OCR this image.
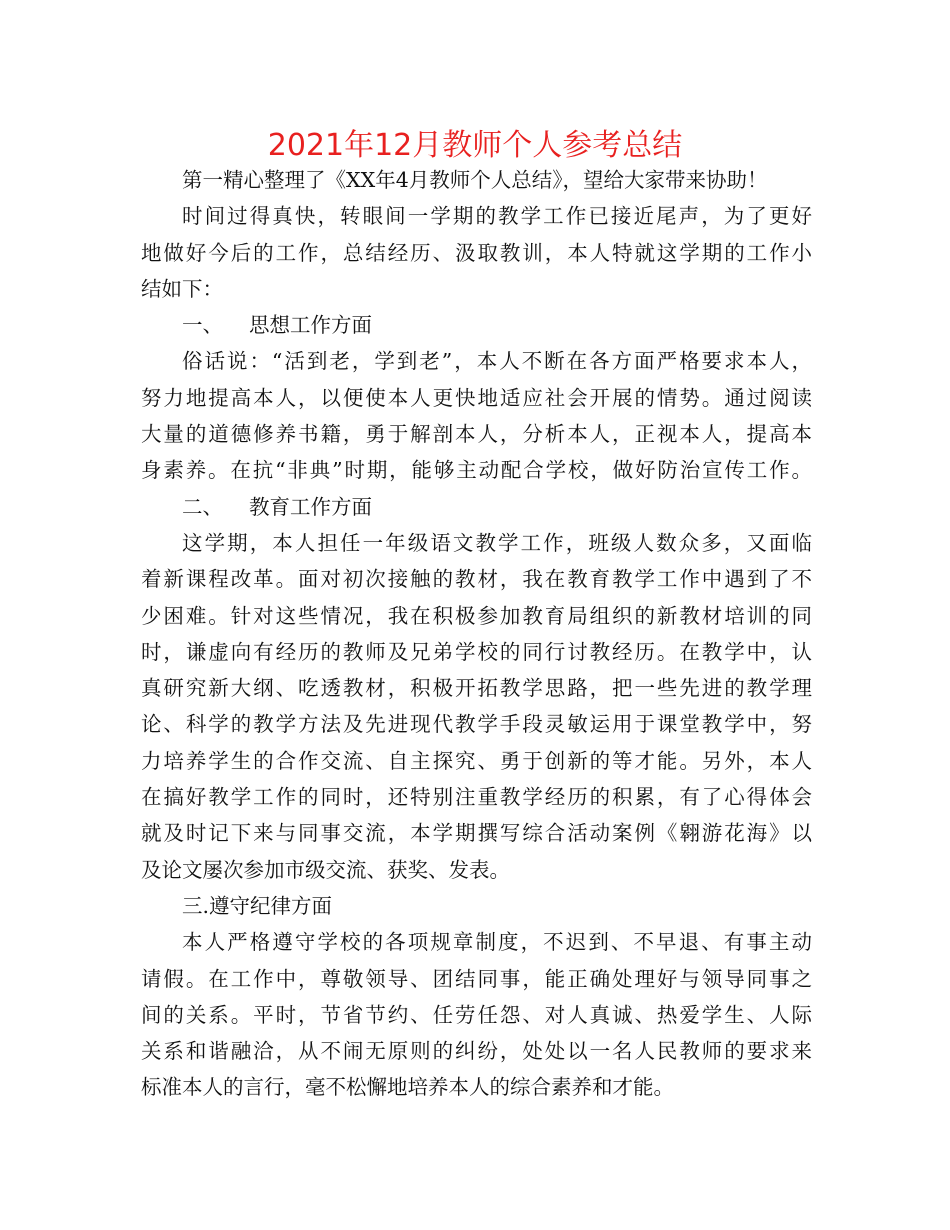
2021年12月教师个人参考总结
第一精心整理了《XX年4月教师个人总结》，望给大家带来协助！
时间过得真快，转眼间一学期的教学工作已接近尾声，为了更好
地做好今后的工作，总结经历、汲取教训，本人特就这学期的工作小
结如下：
一、 思想工作方面
俗话说：“活到老，学到老”，本人不断在各方面严格要求本人，
努力地提高本人，以便使本人更快地适应社会开展的情势。通过阅读
大量的道德修养书籍，勇于解剖本人，分析本人，正视本人，提高本
身素养。在抗“非典”时期，能够主动配合学校，做好防治宣传工作。
二、 教育工作方面
这学期，本人担任一年级语文教学工作，班级人数众多，又面临
着新课程改革。面对初次接触的教材，我在教育教学工作中遇到了不
少困难。针对这些情况，我在积极参加教育局组织的新教材培训的同
时，谦虚向有经历的教师及兄弟学校的同行讨教经历。在教学中，认
真研究新大纲、吃透教材，积极开拓教学思路，把一些先进的教学理
论、科学的教学方法及先进现代教学手段灵敏运用于课堂教学中，努
力培养学生的合作交流、自主探究、勇于创新的等才能。另外，本人
在搞好教学工作的同时，还特别注重教学经历的积累，有了心得体会
就及时记下来与同事交流，本学期撰写综合活动案例《翱游花海》以
及论文屡次参加市级交流、获奖、发表。
三.遵守纪律方面
本人严格遵守学校的各项规章制度，不迟到、不早退、有事主动
请假。在工作中，尊敬领导、团结同事，能正确处理好与领导同事之
间的关系。平时，节省节约、任劳任怨、对人真诚、热爱学生、人际
关系和谐融洽，从不闹无原则的纠纷，处处以一名人民教师的要求来
标准本人的言行，毫不松懈地培养本人的综合素养和才能。
